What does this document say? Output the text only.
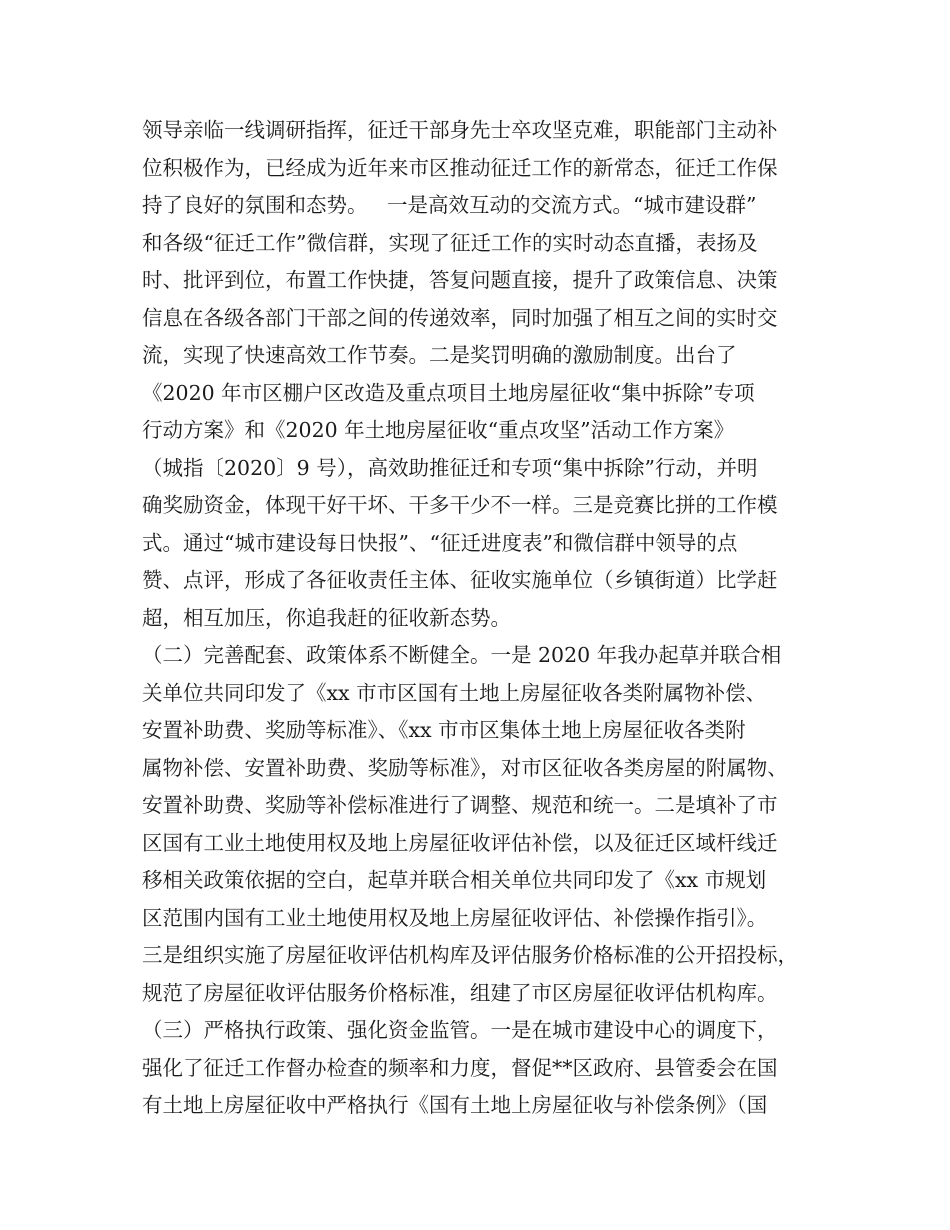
领导亲临一线调研指挥，征迁干部身先士卒攻坚克难，职能部门主动补
位积极作为，已经成为近年来市区推动征迁工作的新常态，征迁工作保
持了良好的氛围和态势。   一是高效互动的交流方式。“城市建设群”
和各级“征迁工作”微信群，实现了征迁工作的实时动态直播，表扬及
时、批评到位，布置工作快捷，答复问题直接，提升了政策信息、决策
信息在各级各部门干部之间的传递效率，同时加强了相互之间的实时交
流，实现了快速高效工作节奏。二是奖罚明确的激励制度。出台了
《2020 年市区棚户区改造及重点项目土地房屋征收“集中拆除”专项
行动方案》和《2020 年土地房屋征收“重点攻坚”活动工作方案》
（城指〔2020〕9 号），高效助推征迁和专项“集中拆除”行动，并明
确奖励资金，体现干好干坏、干多干少不一样。三是竞赛比拼的工作模
式。通过“城市建设每日快报”、“征迁进度表”和微信群中领导的点
赞、点评，形成了各征收责任主体、征收实施单位（乡镇街道）比学赶
超，相互加压，你追我赶的征收新态势。
（二）完善配套、政策体系不断健全。一是 2020 年我办起草并联合相
关单位共同印发了《xx 市市区国有土地上房屋征收各类附属物补偿、
安置补助费、奖励等标准》、《xx 市市区集体土地上房屋征收各类附
属物补偿、安置补助费、奖励等标准》，对市区征收各类房屋的附属物、
安置补助费、奖励等补偿标准进行了调整、规范和统一。二是填补了市
区国有工业土地使用权及地上房屋征收评估补偿，以及征迁区域杆线迁
移相关政策依据的空白，起草并联合相关单位共同印发了《xx 市规划
区范围内国有工业土地使用权及地上房屋征收评估、补偿操作指引》。
三是组织实施了房屋征收评估机构库及评估服务价格标准的公开招投标，
规范了房屋征收评估服务价格标准，组建了市区房屋征收评估机构库。
（三）严格执行政策、强化资金监管。一是在城市建设中心的调度下，
强化了征迁工作督办检查的频率和力度，督促**区政府、县管委会在国
有土地上房屋征收中严格执行《国有土地上房屋征收与补偿条例》（国
